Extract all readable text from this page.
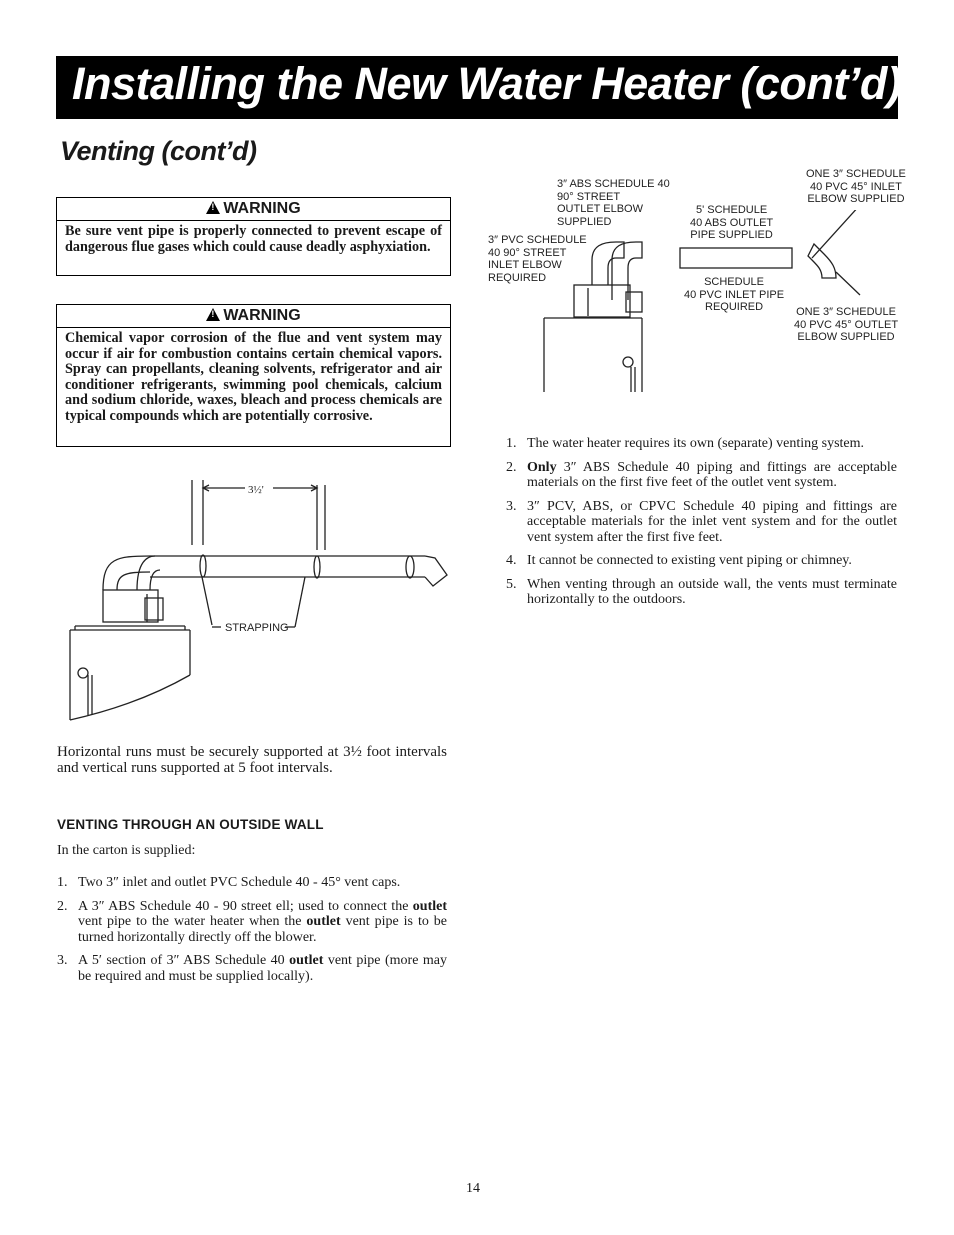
Installing the New Water Heater (cont’d)
Venting (cont’d)
!WARNING
Be sure vent pipe is properly connected to prevent escape of dangerous flue gases which could cause deadly asphyxiation.
!WARNING
Chemical vapor corrosion of the flue and vent system may occur if air for combustion contains certain chemical vapors. Spray can propellants, cleaning solvents, refrigerator and air conditioner refrigerants, swimming pool chemicals, calcium and sodium chloride, waxes, bleach and process chemicals are typical compounds which are potentially corrosive.
3½'
STRAPPING
Horizontal runs must be securely supported at 3½ foot intervals and vertical runs supported at 5 foot intervals.
VENTING THROUGH AN OUTSIDE WALL
In the carton is supplied:
1. Two 3″ inlet and outlet PVC Schedule 40 - 45° vent caps.
2. A 3″ ABS Schedule 40 - 90 street ell; used to connect the outlet vent pipe to the water heater when the outlet vent pipe is to be turned horizontally directly off the blower.
3. A 5′ section of 3″ ABS Schedule 40 outlet vent pipe (more may be required and must be supplied locally).
3″ ABS SCHEDULE 40
90° STREET
OUTLET ELBOW
SUPPLIED
3″ PVC SCHEDULE
40 90° STREET
INLET ELBOW
REQUIRED
5' SCHEDULE
40 ABS OUTLET
PIPE SUPPLIED
SCHEDULE
40 PVC INLET PIPE
REQUIRED
ONE 3″ SCHEDULE
40 PVC 45° INLET
ELBOW SUPPLIED
ONE 3″ SCHEDULE
40 PVC 45° OUTLET
ELBOW SUPPLIED
1. The water heater requires its own (separate) venting system.
2. Only 3″ ABS Schedule 40 piping and fittings are acceptable materials on the first five feet of the outlet vent system.
3. 3″ PCV, ABS, or CPVC Schedule 40 piping and fittings are acceptable materials for the inlet vent system and for the outlet vent system after the first five feet.
4. It cannot be connected to existing vent piping or chimney.
5. When venting through an outside wall, the vents must terminate horizontally to the outdoors.
14
